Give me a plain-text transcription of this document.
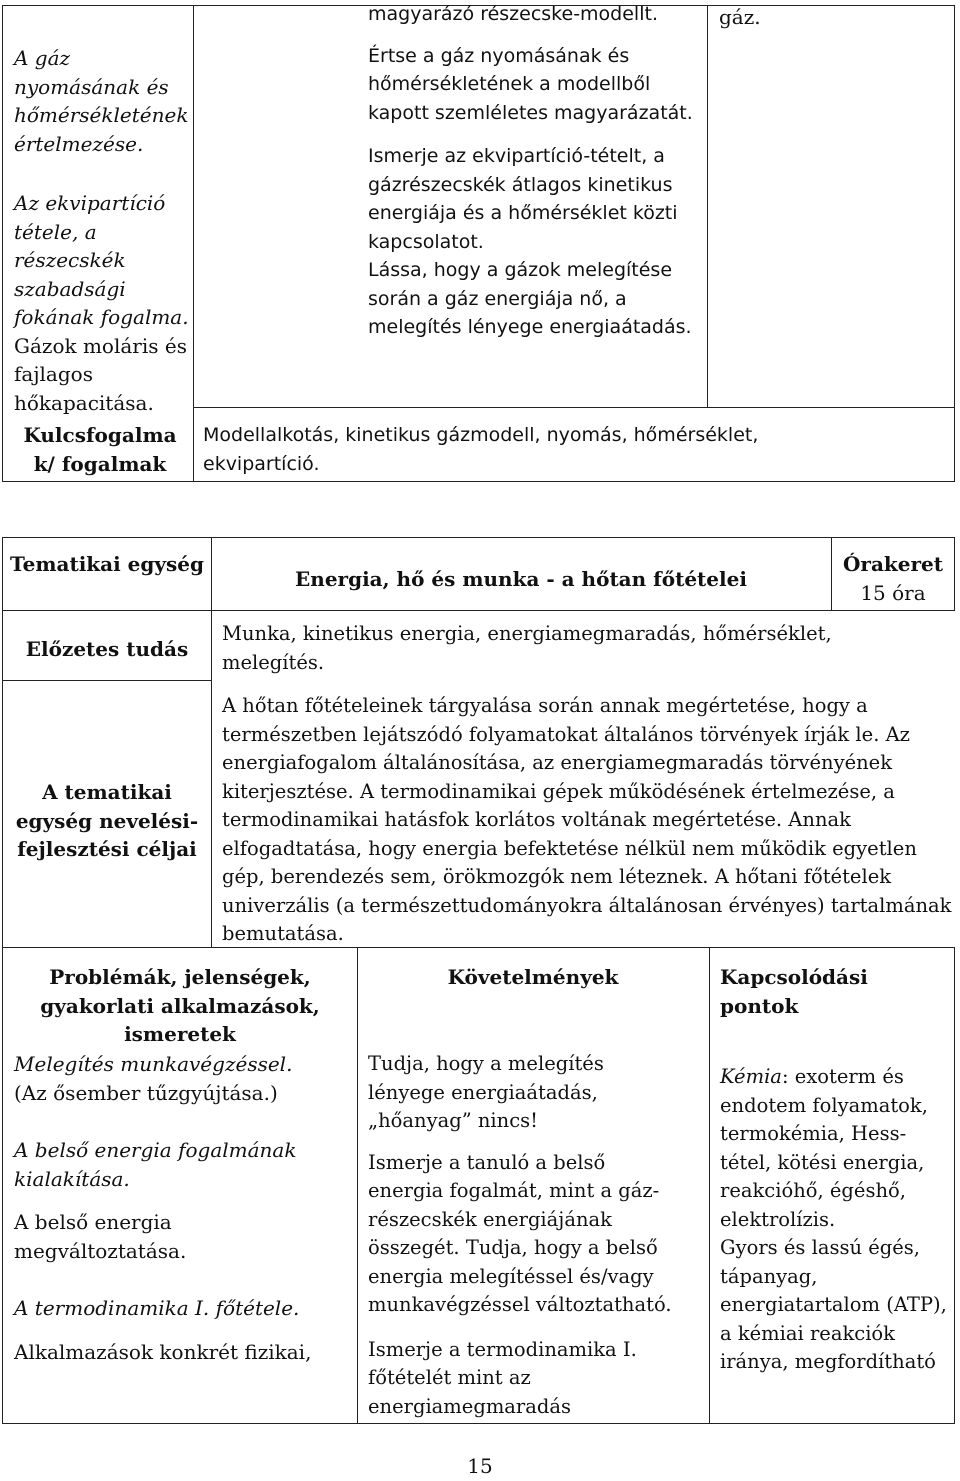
A gáz nyomásának és hőmérsékletének értelmezése.

Az ekvipartíció tétele, a részecskék szabadsági fokának fogalma.

Gázok moláris és fajlagos hőkapacitása.

magyarázó részecske-modellt.

Értse a gáz nyomásának és hőmérsékletének a modellből kapott szemléletes magyarázatát.

Ismerje az ekvipartíció-tételt, a gázrészecskék átlagos kinetikus energiája és a hőmérséklet közti kapcsolatot.

Lássa, hogy a gázok melegítése során a gáz energiája nő, a melegítés lényege energiaátadás.

gáz.

Kulcsfogalma k/ fogalmak

Modellalkotás, kinetikus gázmodell, nyomás, hőmérséklet, ekvipartíció.

Tematikai egység

Energia, hő és munka - a hőtan főtételei

Órakeret

15 óra

Előzetes tudás

Munka, kinetikus energia, energiamegmaradás, hőmérséklet, melegítés.

A tematikai egység nevelési-fejlesztési céljai

A hőtan főtételeinek tárgyalása során annak megértetése, hogy a természetben lejátszódó folyamatokat általános törvények írják le. Az energiafogalom általánosítása, az energiamegmaradás törvényének kiterjesztése. A termodinamikai gépek működésének értelmezése, a termodinamikai hatásfok korlátos voltának megértetése. Annak elfogadtatása, hogy energia befektetése nélkül nem működik egyetlen gép, berendezés sem, örökmozgók nem léteznek. A hőtani főtételek univerzális (a természettudományokra általánosan érvényes) tartalmának bemutatása.

Problémák, jelenségek, gyakorlati alkalmazások, ismeretek

Követelmények	Kapcsolódási pontok

Melegítés munkavégzéssel.

(Az ősember tűzgyújtása.)

A belső energia fogalmának kialakítása.

A belső energia megváltoztatása.

A termodinamika I. főtétele.

Alkalmazások konkrét fizikai,

Tudja, hogy a melegítés lényege energiaátadás, „hőanyag” nincs!

Ismerje a tanuló a belső energia fogalmát, mint a gáz-részecskék energiájának összegét. Tudja, hogy a belső energia melegítéssel és/vagy munkavégzéssel változtatható.

Ismerje a termodinamika I. főtételét mint az energiamegmaradás

Kémia: exoterm és endotem folyamatok, termokémia, Hess-tétel, kötési energia, reakcióhő, égéshő, elektrolízis.

Gyors és lassú égés, tápanyag, energiatartalom (ATP), a kémiai reakciók iránya, megfordítható

15
